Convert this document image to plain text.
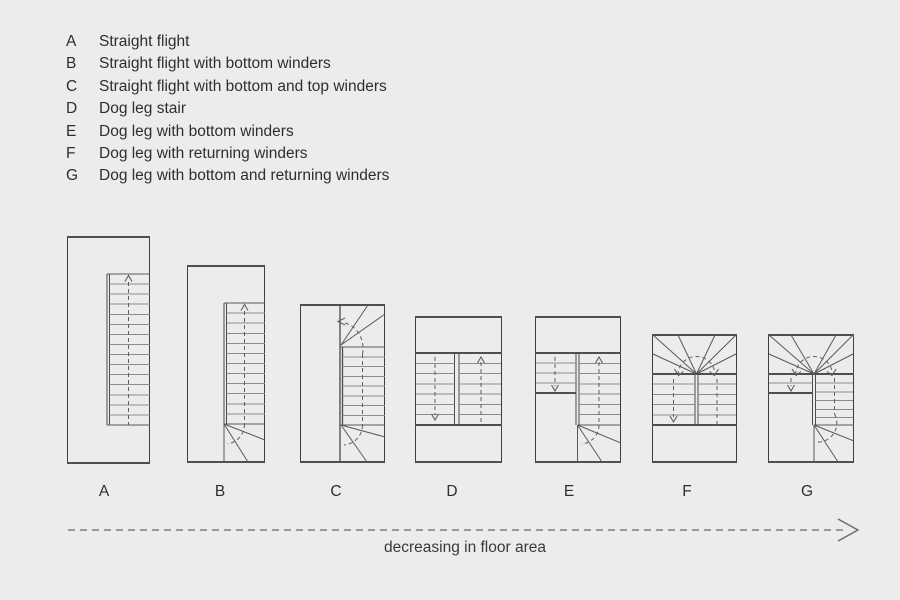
A	Straight flight
B	Straight flight with bottom winders
C	Straight flight with bottom and top winders
D	Dog leg stair
E	Dog leg with bottom winders
F	Dog leg with returning winders
G	Dog leg with bottom and returning winders
A	B	C	D	E	F	G
decreasing in floor area
